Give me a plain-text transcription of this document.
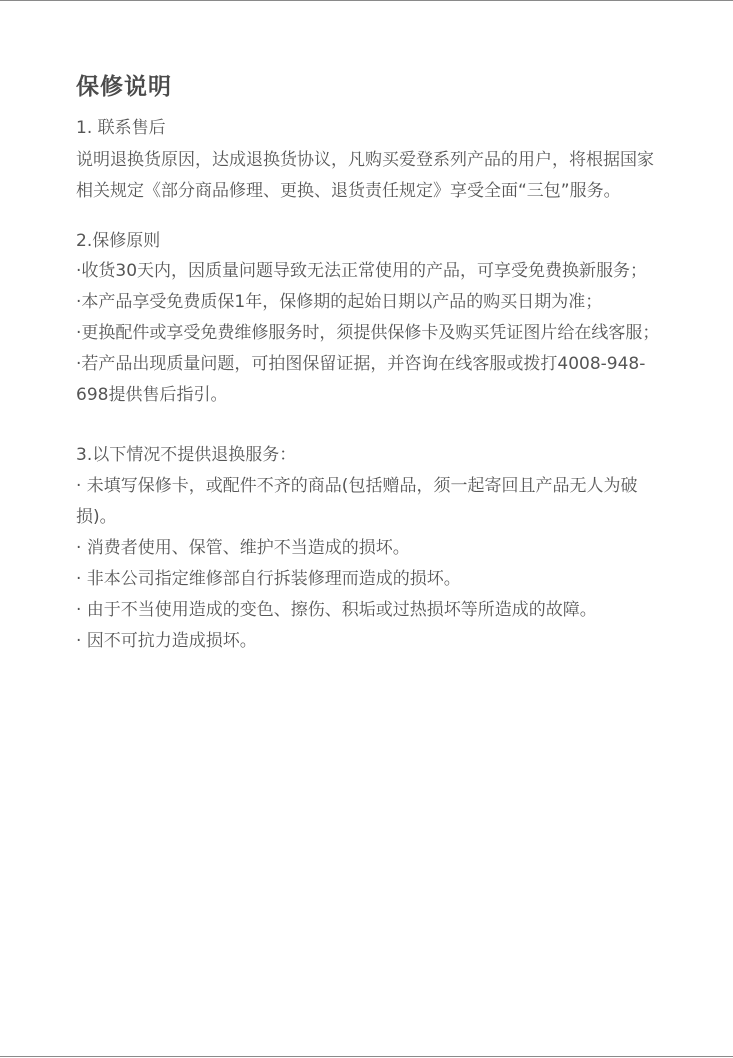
保修说明

1. 联系售后

说明退换货原因，达成退换货协议，凡购买爱登系列产品的用户，将根据国家相关规定《部分商品修理、更换、退货责任规定》享受全面“三包”服务。

2.保修原则

·收货30天内，因质量问题导致无法正常使用的产品，可享受免费换新服务；

·本产品享受免费质保1年，保修期的起始日期以产品的购买日期为准；

·更换配件或享受免费维修服务时，须提供保修卡及购买凭证图片给在线客服；

·若产品出现质量问题，可拍图保留证据，并咨询在线客服或拨打4008-948-698提供售后指引。

3.以下情况不提供退换服务：

· 未填写保修卡，或配件不齐的商品(包括赠品，须一起寄回且产品无人为破损)。

· 消费者使用、保管、维护不当造成的损坏。

· 非本公司指定维修部自行拆装修理而造成的损坏。

· 由于不当使用造成的变色、擦伤、积垢或过热损坏等所造成的故障。

· 因不可抗力造成损坏。
